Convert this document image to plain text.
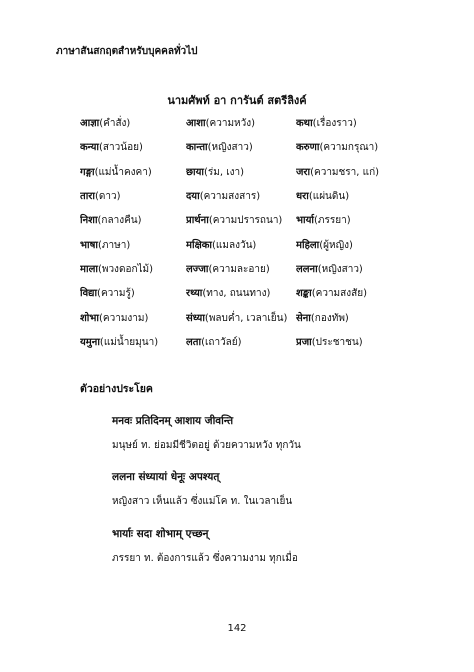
ภาษาสันสกฤตสำหรับบุคคลทั่วไป
นามศัพท์ อา การันต์ สตรีลิงค์
आज्ञा(คำสั่ง)	आशा(ความหวัง)	कथा(เรื่องราว)
कन्या(สาวน้อย)	कान्ता(หญิงสาว)	करुणा(ความกรุณา)
गङ्गा(แม่น้ำคงคา)	छाया(ร่ม, เงา)	जरा(ความชรา, แก่)
तारा(ดาว)	दया(ความสงสาร)	धरा(แผ่นดิน)
निशा(กลางคืน)	प्रार्थना(ความปรารถนา)	भार्या(ภรรยา)
भाषा(ภาษา)	मक्षिका(แมลงวัน)	महिला(ผู้หญิง)
माला(พวงดอกไม้)	लज्जा(ความละอาย)	ललना(หญิงสาว)
विद्या(ความรู้)	रथ्या(ทาง, ถนนทาง)	शङ्का(ความสงสัย)
शोभा(ความงาม)	संध्या(พลบค่ำ, เวลาเย็น) सेना(กองทัพ)
यमुना(แม่น้ำยมุนา)	लता(เถาวัลย์)	प्रजा(ประชาชน)
ตัวอย่างประโยค
मनवः प्रतिदिनम् आशाय जीवन्ति
มนุษย์ ท. ย่อมมีชีวิตอยู่ ด้วยความหวัง ทุกวัน
ललना संध्यायां धेनूः अपश्यत्
หญิงสาว เห็นแล้ว ซึ่งแม่โค ท. ในเวลาเย็น
भार्याः सदा शोभाम् एच्छन्
ภรรยา ท. ต้องการแล้ว ซึ่งความงาม ทุกเมื่อ
142
